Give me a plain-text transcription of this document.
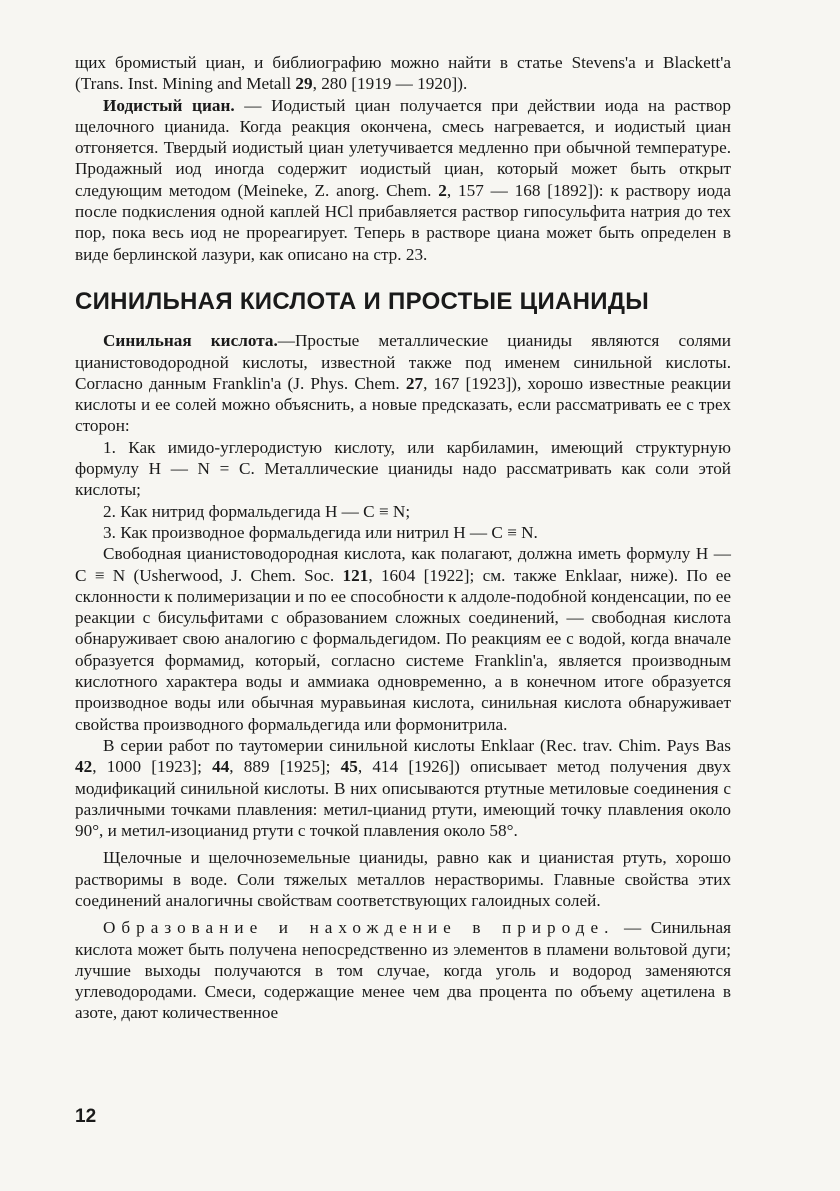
щих бромистый циан, и библиографию можно найти в статье Stevens'a и Blackett'a (Trans. Inst. Mining and Metall 29, 280 [1919 — 1920]).

Иодистый циан. — Иодистый циан получается при действии иода на раствор щелочного цианида. Когда реакция окончена, смесь нагревается, и иодистый циан отгоняется. Твердый иодистый циан улетучивается медленно при обычной температуре. Продажный иод иногда содержит иодистый циан, который может быть открыт следующим методом (Meineke, Z. anorg. Chem. 2, 157 — 168 [1892]): к раствору иода после подкисления одной каплей HCl прибавляется раствор гипосульфита натрия до тех пор, пока весь иод не прореагирует. Теперь в растворе циана может быть определен в виде берлинской лазури, как описано на стр. 23.

СИНИЛЬНАЯ КИСЛОТА И ПРОСТЫЕ ЦИАНИДЫ

Синильная кислота.—Простые металлические цианиды являются солями цианистоводородной кислоты, известной также под именем синильной кислоты. Согласно данным Franklin'a (J. Phys. Chem. 27, 167 [1923]), хорошо известные реакции кислоты и ее солей можно объяснить, а новые предсказать, если рассматривать ее с трех сторон:

1. Как имидо-углеродистую кислоту, или карбиламин, имеющий структурную формулу H — N = C. Металлические цианиды надо рассматривать как соли этой кислоты;

2. Как нитрид формальдегида H — C ≡ N;

3. Как производное формальдегида или нитрил H — C ≡ N.

Свободная цианистоводородная кислота, как полагают, должна иметь формулу H — C ≡ N (Usherwood, J. Chem. Soc. 121, 1604 [1922]; см. также Enklaar, ниже). По ее склонности к полимеризации и по ее способности к алдоле-подобной конденсации, по ее реакции с бисульфитами с образованием сложных соединений, — свободная кислота обнаруживает свою аналогию с формальдегидом. По реакциям ее с водой, когда вначале образуется формамид, который, согласно системе Franklin'a, является производным кислотного характера воды и аммиака одновременно, а в конечном итоге образуется производное воды или обычная муравьиная кислота, синильная кислота обнаруживает свойства производного формальдегида или формонитрила.

В серии работ по таутомерии синильной кислоты Enklaar (Rec. trav. Chim. Pays Bas 42, 1000 [1923]; 44, 889 [1925]; 45, 414 [1926]) описывает метод получения двух модификаций синильной кислоты. В них описываются ртутные метиловые соединения с различными точками плавления: метил-цианид ртути, имеющий точку плавления около 90°, и метил-изоцианид ртути с точкой плавления около 58°.

Щелочные и щелочноземельные цианиды, равно как и цианистая ртуть, хорошо растворимы в воде. Соли тяжелых металлов нерастворимы. Главные свойства этих соединений аналогичны свойствам соответствующих галоидных солей.

Образование и нахождение в природе. — Синильная кислота может быть получена непосредственно из элементов в пламени вольтовой дуги; лучшие выходы получаются в том случае, когда уголь и водород заменяются углеводородами. Смеси, содержащие менее чем два процента по объему ацетилена в азоте, дают количественное

12
